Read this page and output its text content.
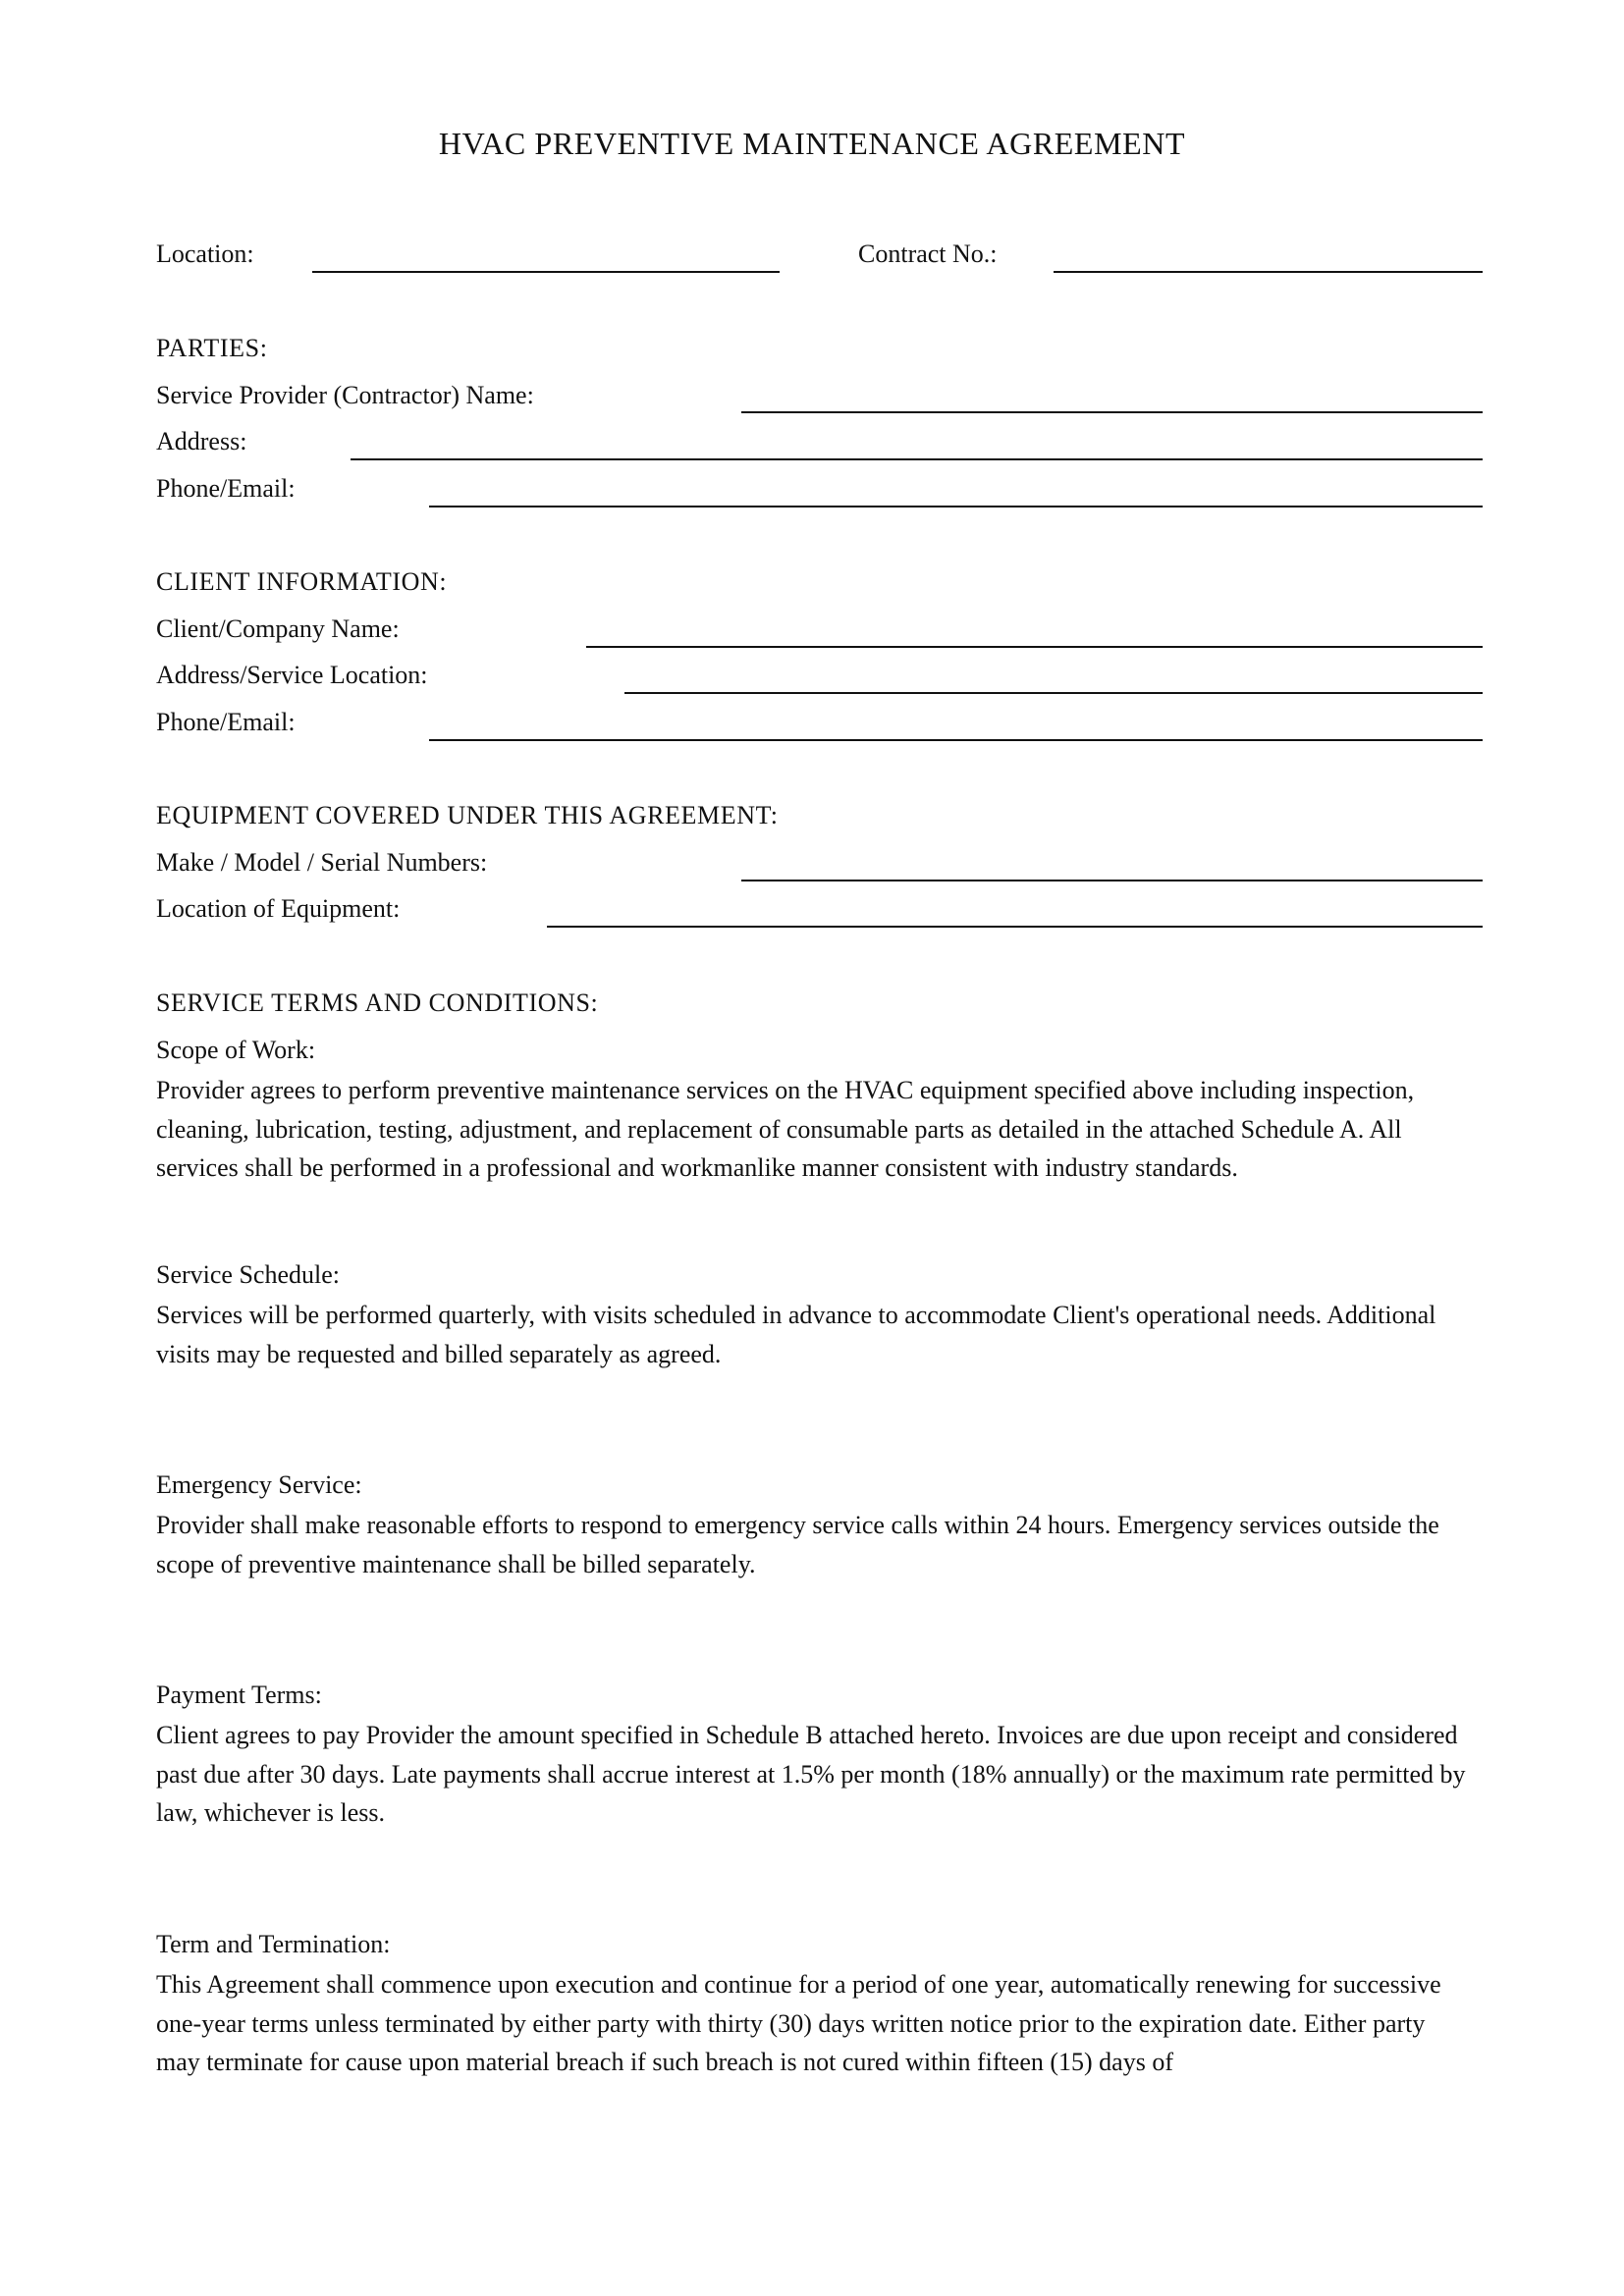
HVAC PREVENTIVE MAINTENANCE AGREEMENT
Location:	Contract No.:
PARTIES:
Service Provider (Contractor) Name:
Address:
Phone/Email:
CLIENT INFORMATION:
Client/Company Name:
Address/Service Location:
Phone/Email:
EQUIPMENT COVERED UNDER THIS AGREEMENT:
Make / Model / Serial Numbers:
Location of Equipment:
SERVICE TERMS AND CONDITIONS:
Scope of Work:
Provider agrees to perform preventive maintenance services on the HVAC equipment specified above including inspection, cleaning, lubrication, testing, adjustment, and replacement of consumable parts as detailed in the attached Schedule A. All services shall be performed in a professional and workmanlike manner consistent with industry standards.
Service Schedule:
Services will be performed quarterly, with visits scheduled in advance to accommodate Client's operational needs. Additional visits may be requested and billed separately as agreed.
Emergency Service:
Provider shall make reasonable efforts to respond to emergency service calls within 24 hours. Emergency services outside the scope of preventive maintenance shall be billed separately.
Payment Terms:
Client agrees to pay Provider the amount specified in Schedule B attached hereto. Invoices are due upon receipt and considered past due after 30 days. Late payments shall accrue interest at 1.5% per month (18% annually) or the maximum rate permitted by law, whichever is less.
Term and Termination:
This Agreement shall commence upon execution and continue for a period of one year, automatically renewing for successive one-year terms unless terminated by either party with thirty (30) days written notice prior to the expiration date. Either party may terminate for cause upon material breach if such breach is not cured within fifteen (15) days of
